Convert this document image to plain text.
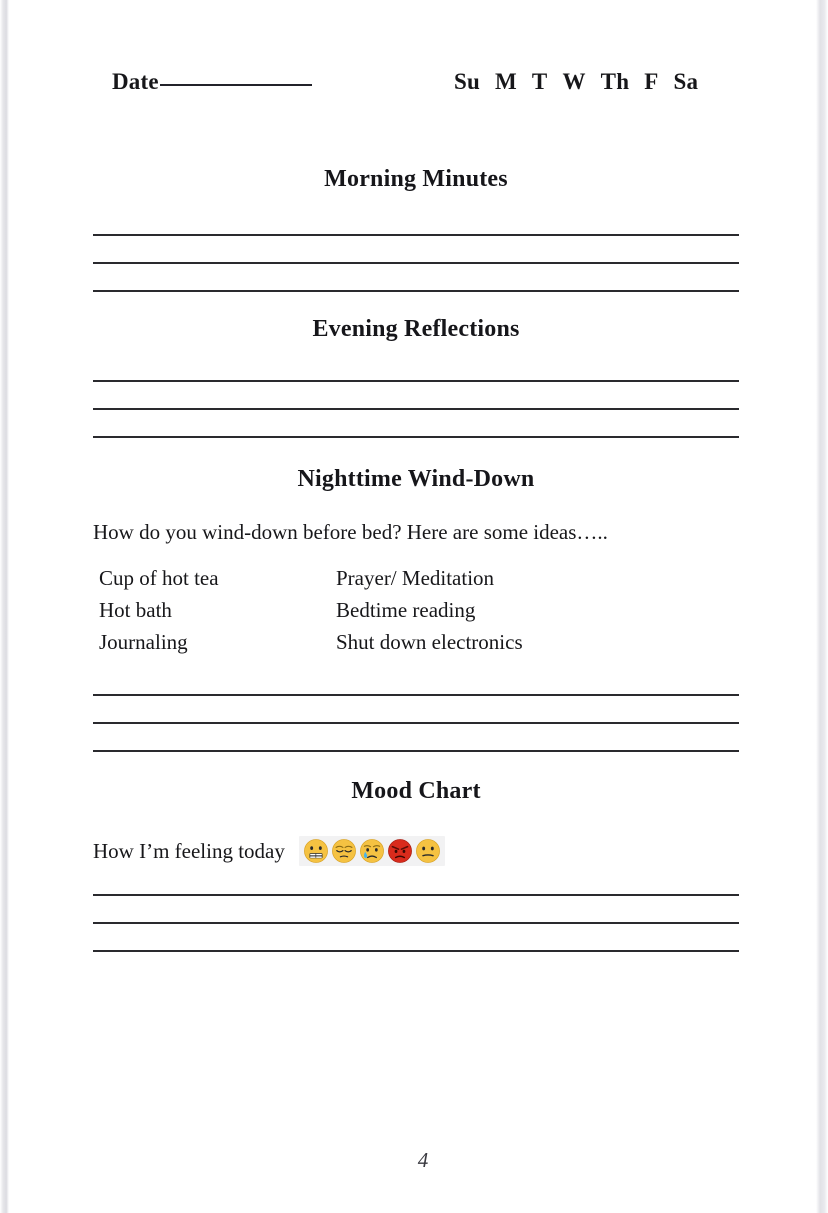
Date	Su M T W Th F Sa
Morning Minutes
Evening Reflections
Nighttime Wind-Down
How do you wind-down before bed? Here are some ideas…..
Cup of hot tea	Prayer/ Meditation
Hot bath	Bedtime reading
Journaling	Shut down electronics
Mood Chart
How I’m feeling today
4
